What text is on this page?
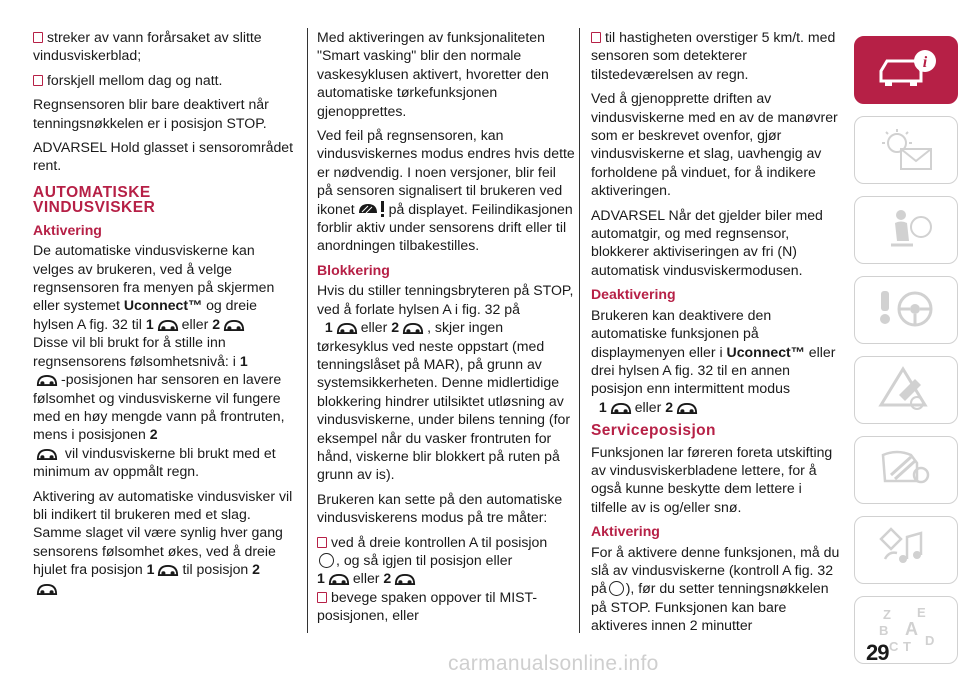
streker av vann forårsaket av slitte vindusviskerblad;

forskjell mellom dag og natt.

Regnsensoren blir bare deaktivert når tenningsnøkkelen er i posisjon STOP.

ADVARSEL Hold glasset i sensorområdet rent.

AUTOMATISKE
VINDUSVISKER
Aktivering

De automatiske vindusviskerne kan velges av brukeren, ved å velge regnsensoren fra menyen på skjermen eller systemet Uconnect™ og dreie hylsen A fig. 32 til 1 eller 2
Disse vil bli brukt for å stille inn regnsensorens følsomhetsnivå: i 1
-posisjonen har sensoren en lavere følsomhet og vindusviskerne vil fungere med en høy mengde vann på frontruten, mens i posisjonen 2
vil vindusviskerne bli brukt med et minimum av oppmålt regn.

Aktivering av automatiske vindusvisker vil bli indikert til brukeren med et slag. Samme slaget vil være synlig hver gang sensorens følsomhet økes, ved å dreie hjulet fra posisjon 1 til posisjon 2

Med aktiveringen av funksjonaliteten "Smart vasking" blir den normale vaskesyklusen aktivert, hvoretter den automatiske tørkefunksjonen gjenopprettes.

Ved feil på regnsensoren, kan vindusviskernes modus endres hvis dette er nødvendig. I noen versjoner, blir feil på sensoren signalisert til brukeren ved ikonet på displayet. Feilindikasjonen forblir aktiv under sensorens drift eller til anordningen tilbakestilles.

Blokkering

Hvis du stiller tenningsbryteren på STOP, ved å forlate hylsen A i fig. 32 på
1 eller 2 , skjer ingen tørkesyklus ved neste oppstart (med tenningslåset på MAR), på grunn av systemsikkerheten. Denne midlertidige blokkering hindrer utilsiktet utløsning av vindusviskerne, under bilens tenning (for eksempel når du vasker frontruten for hånd, viskerne blir blokkert på ruten på grunn av is).

Brukeren kan sette på den automatiske vindusviskerens modus på tre måter:

ved å dreie kontrollen A til posisjon
, og så igjen til posisjon eller
1 eller 2

bevege spaken oppover til MIST-posisjonen, eller

til hastigheten overstiger 5 km/t. med sensoren som detekterer tilstedeværelsen av regn.

Ved å gjenopprette driften av vindusviskerne med en av de manøvrer som er beskrevet ovenfor, gjør vindusviskerne et slag, uavhengig av forholdene på vinduet, for å indikere aktiveringen.

ADVARSEL Når det gjelder biler med automatgir, og med regnsensor, blokkerer aktiviseringen av fri (N) automatisk vindusviskermodusen.

Deaktivering

Brukeren kan deaktivere den automatiske funksjonen på displaymenyen eller i Uconnect™ eller drei hylsen A fig. 32 til en annen posisjon enn intermittent modus
1 eller 2

Serviceposisjon

Funksjonen lar føreren foreta utskifting av vindusviskerbladene lettere, for å også kunne beskytte dem lettere i tilfelle av is og/eller snø.

Aktivering

For å aktivere denne funksjonen, må du slå av vindusviskerne (kontroll A fig. 32 på ), før du setter tenningsnøkkelen på STOP. Funksjonen kan bare aktiveres innen 2 minutter

i
Z E
B A
C T D
29
carmanualsonline.info
